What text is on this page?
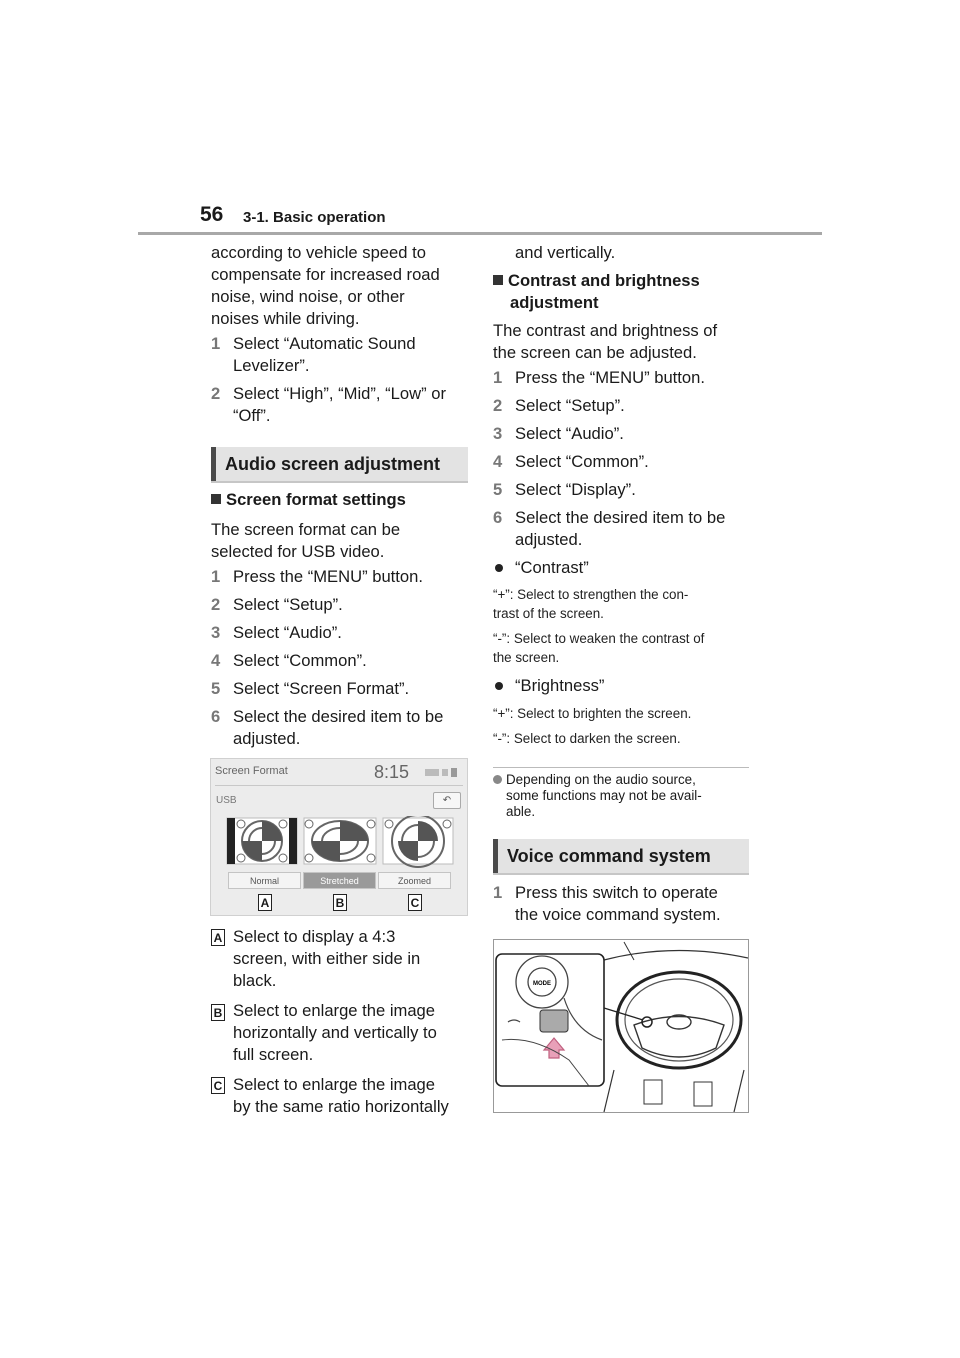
56 3-1. Basic operation

according to vehicle speed to

compensate for increased road

noise, wind noise, or other

noises while driving.

1 Select “Automatic Sound
Levelizer”.
2 Select “High”, “Mid”, “Low” or
“Off”.
Audio screen adjustment

Screen format settings

The screen format can be

selected for USB video.

1 Press the “MENU” button.
2 Select “Setup”.
3 Select “Audio”.
4 Select “Common”.
5 Select “Screen Format”.
6 Select the desired item to be
adjusted.
Screen Format	8:15
USB	↶
Normal	Stretched	Zoomed
A	B	C
A Select to display a 4:3
screen, with either side in
black.
B Select to enlarge the image
horizontally and vertically to
full screen.
C Select to enlarge the image
by the same ratio horizontally

and vertically.

Contrast and brightness

adjustment

The contrast and brightness of

the screen can be adjusted.

1 Press the “MENU” button.
2 Select “Setup”.
3 Select “Audio”.
4 Select “Common”.
5 Select “Display”.
6 Select the desired item to be
adjusted.
“Contrast”

“+”: Select to strengthen the con-

trast of the screen.

“-”: Select to weaken the contrast of

the screen.

“Brightness”

“+”: Select to brighten the screen.

“-”: Select to darken the screen.

Depending on the audio source,
some functions may not be avail-
able.
Voice command system
1 Press this switch to operate
the voice command system.
MODE
